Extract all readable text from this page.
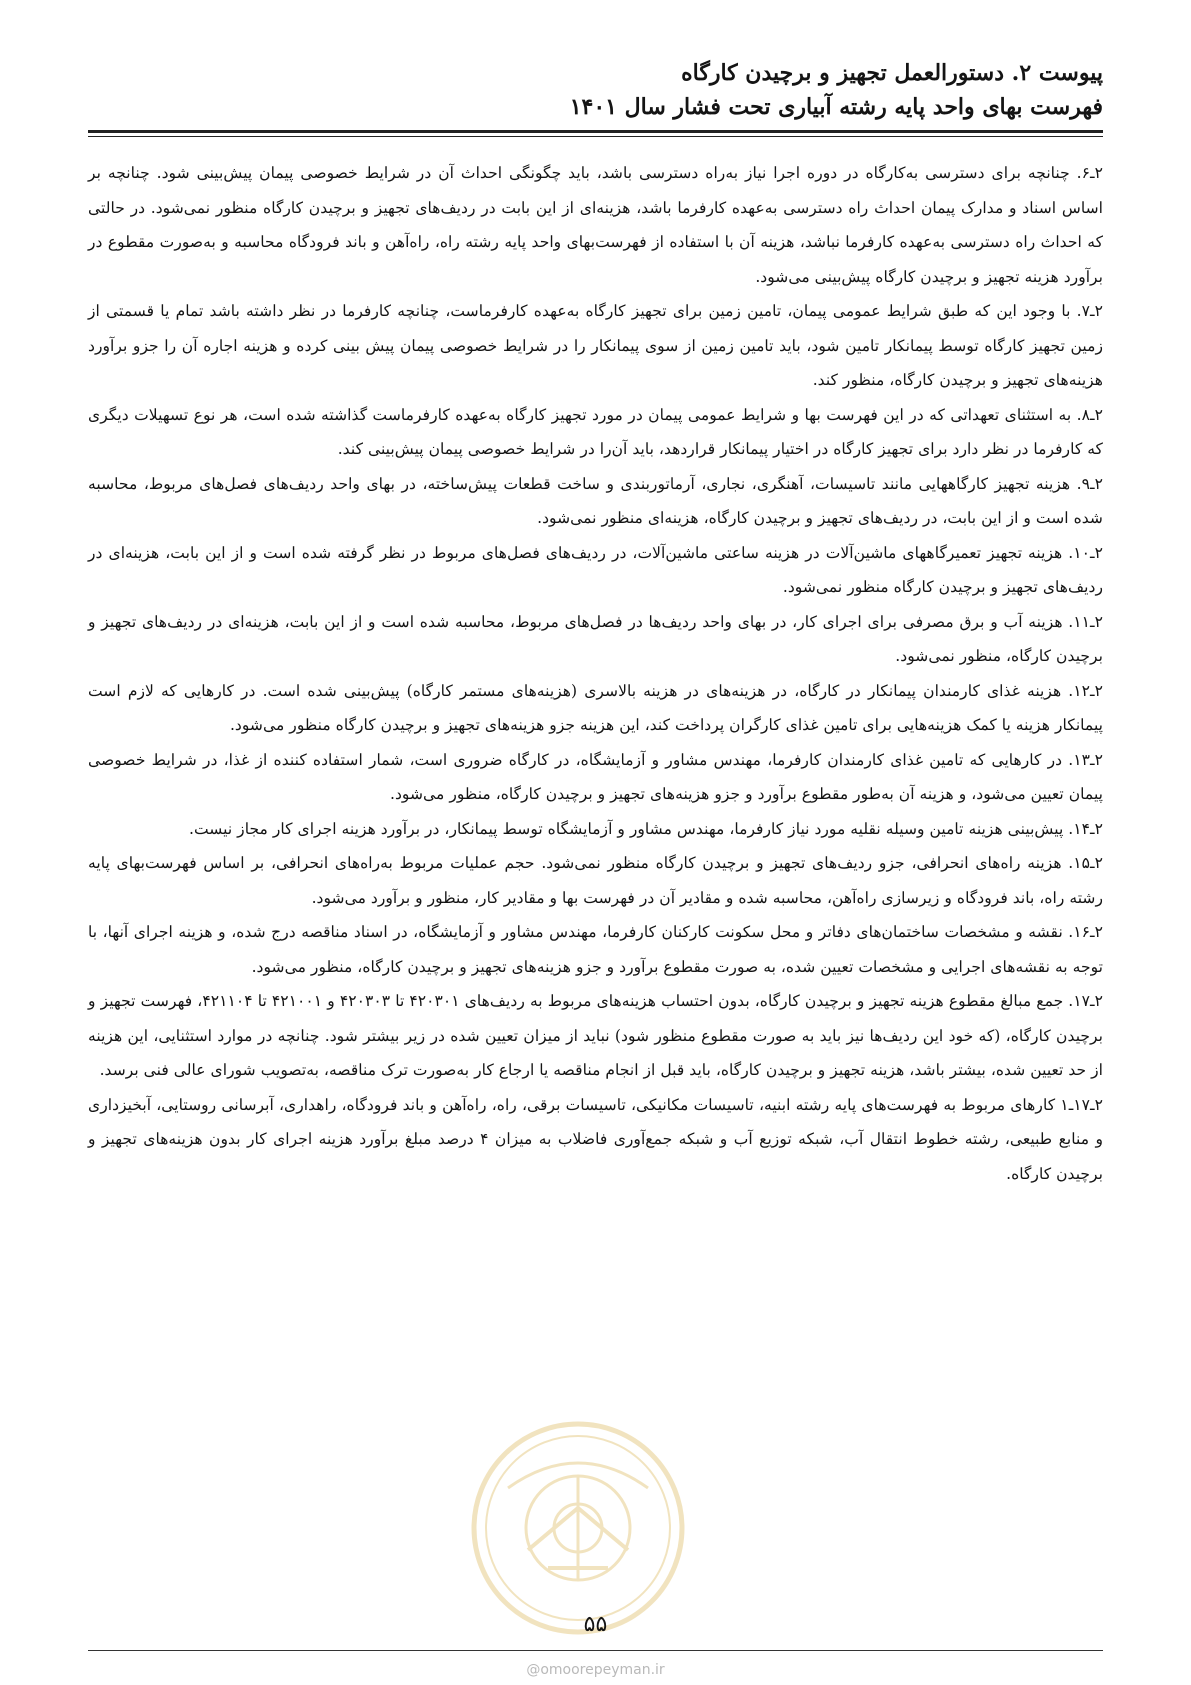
پیوست ۲. دستورالعمل تجهیز و برچیدن کارگاه
فهرست بهای واحد پایه رشته آبیاری تحت فشار سال ۱۴۰۱

۲ـ۶. چنانچه برای دسترسی به‌کارگاه در دوره اجرا نیاز به‌راه دسترسی باشد، باید چگونگی احداث آن در شرایط خصوصی پیمان پیش‌بینی شود. چنانچه بر اساس اسناد و مدارک پیمان احداث راه دسترسی به‌عهده کارفرما باشد، هزینه‌ای از این بابت در ردیف‌های تجهیز و برچیدن کارگاه منظور نمی‌شود. در حالتی که احداث راه دسترسی به‌عهده کارفرما نباشد، هزینه آن با استفاده از فهرست‌بهای واحد پایه رشته راه، راه‌آهن و باند فرودگاه محاسبه و به‌صورت مقطوع در برآورد هزینه تجهیز و برچیدن کارگاه پیش‌بینی می‌شود.

۲ـ۷. با وجود این که طبق شرایط عمومی پیمان، تامین زمین برای تجهیز کارگاه به‌عهده کارفرماست، چنانچه کارفرما در نظر داشته باشد تمام یا قسمتی از زمین تجهیز کارگاه توسط پیمانکار تامین شود، باید تامین زمین از سوی پیمانکار را در شرایط خصوصی پیمان پیش بینی کرده و هزینه اجاره آن را جزو برآورد هزینه‌های تجهیز و برچیدن کارگاه، منظور کند.

۲ـ۸. به استثنای تعهداتی که در این فهرست بها و شرایط عمومی پیمان در مورد تجهیز کارگاه به‌عهده کارفرماست گذاشته شده است، هر نوع تسهیلات دیگری که کارفرما در نظر دارد برای تجهیز کارگاه در اختیار پیمانکار قراردهد، باید آن‌را در شرایط خصوصی پیمان پیش‌بینی کند.

۲ـ۹. هزینه تجهیز کارگاههایی مانند تاسیسات، آهنگری، نجاری، آرماتوربندی و ساخت قطعات پیش‌ساخته، در بهای واحد ردیف‌های فصل‌های مربوط، محاسبه شده است و از این بابت، در ردیف‌های تجهیز و برچیدن کارگاه، هزینه‌ای منظور نمی‌شود.

۲ـ۱۰. هزینه تجهیز تعمیرگاههای ماشین‌آلات در هزینه ساعتی ماشین‌آلات، در ردیف‌های فصل‌های مربوط در نظر گرفته شده است و از این بابت، هزینه‌ای در ردیف‌های تجهیز و برچیدن کارگاه منظور نمی‌شود.

۲ـ۱۱. هزینه آب و برق مصرفی برای اجرای کار، در بهای واحد ردیف‌ها در فصل‌های مربوط، محاسبه شده است و از این بابت، هزینه‌ای در ردیف‌های تجهیز و برچیدن کارگاه، منظور نمی‌شود.

۲ـ۱۲. هزینه غذای کارمندان پیمانکار در کارگاه، در هزینه‌های در هزینه بالاسری (هزینه‌های مستمر کارگاه) پیش‌بینی شده است. در کارهایی که لازم است پیمانکار هزینه یا کمک هزینه‌هایی برای تامین غذای کارگران پرداخت کند، این هزینه جزو هزینه‌های تجهیز و برچیدن کارگاه منظور می‌شود.

۲ـ۱۳. در کارهایی که تامین غذای کارمندان کارفرما، مهندس مشاور و آزمایشگاه، در کارگاه ضروری است، شمار استفاده کننده از غذا، در شرایط خصوصی پیمان تعیین می‌شود، و هزینه آن به‌طور مقطوع برآورد و جزو هزینه‌های تجهیز و برچیدن کارگاه، منظور می‌شود.

۲ـ۱۴. پیش‌بینی هزینه تامین وسیله نقلیه مورد نیاز کارفرما، مهندس مشاور و آزمایشگاه توسط پیمانکار، در برآورد هزینه اجرای کار مجاز نیست.

۲ـ۱۵. هزینه راه‌های انحرافی، جزو ردیف‌های تجهیز و برچیدن کارگاه منظور نمی‌شود. حجم عملیات مربوط به‌راه‌های انحرافی، بر اساس فهرست‌بهای پایه رشته راه، باند فرودگاه و زیرسازی راه‌آهن، محاسبه شده و مقادیر آن در فهرست بها و مقادیر کار، منظور و برآورد می‌شود.

۲ـ۱۶. نقشه و مشخصات ساختمان‌های دفاتر و محل سکونت کارکنان کارفرما، مهندس مشاور و آزمایشگاه، در اسناد مناقصه درج شده، و هزینه اجرای آنها، با توجه به نقشه‌های اجرایی و مشخصات تعیین شده، به صورت مقطوع برآورد و جزو هزینه‌های تجهیز و برچیدن کارگاه، منظور می‌شود.

۲ـ۱۷. جمع مبالغ مقطوع هزینه تجهیز و برچیدن کارگاه، بدون احتساب هزینه‌های مربوط به ردیف‌های ۴۲۰۳۰۱ تا ۴۲۰۳۰۳ و ۴۲۱۰۰۱ تا ۴۲۱۱۰۴، فهرست تجهیز و برچیدن کارگاه، (که خود این ردیف‌ها نیز باید به صورت مقطوع منظور شود) نباید از میزان تعیین شده در زیر بیشتر شود. چنانچه در موارد استثنایی، این هزینه از حد تعیین شده، بیشتر باشد، هزینه تجهیز و برچیدن کارگاه، باید قبل از انجام مناقصه یا ارجاع کار به‌صورت ترک مناقصه، به‌تصویب شورای عالی فنی برسد.

۲ـ۱۷ـ۱ کارهای مربوط به فهرست‌های پایه رشته ابنیه، تاسیسات مکانیکی، تاسیسات برقی، راه، راه‌آهن و باند فرودگاه، راهداری، آبرسانی روستایی، آبخیزداری و منابع طبیعی، رشته خطوط انتقال آب، شبکه توزیع آب و شبکه جمع‌آوری فاضلاب به میزان ۴ درصد مبلغ برآورد هزینه اجرای کار بدون هزینه‌های تجهیز و برچیدن کارگاه.

۵۵
@omoorepeyman.ir
